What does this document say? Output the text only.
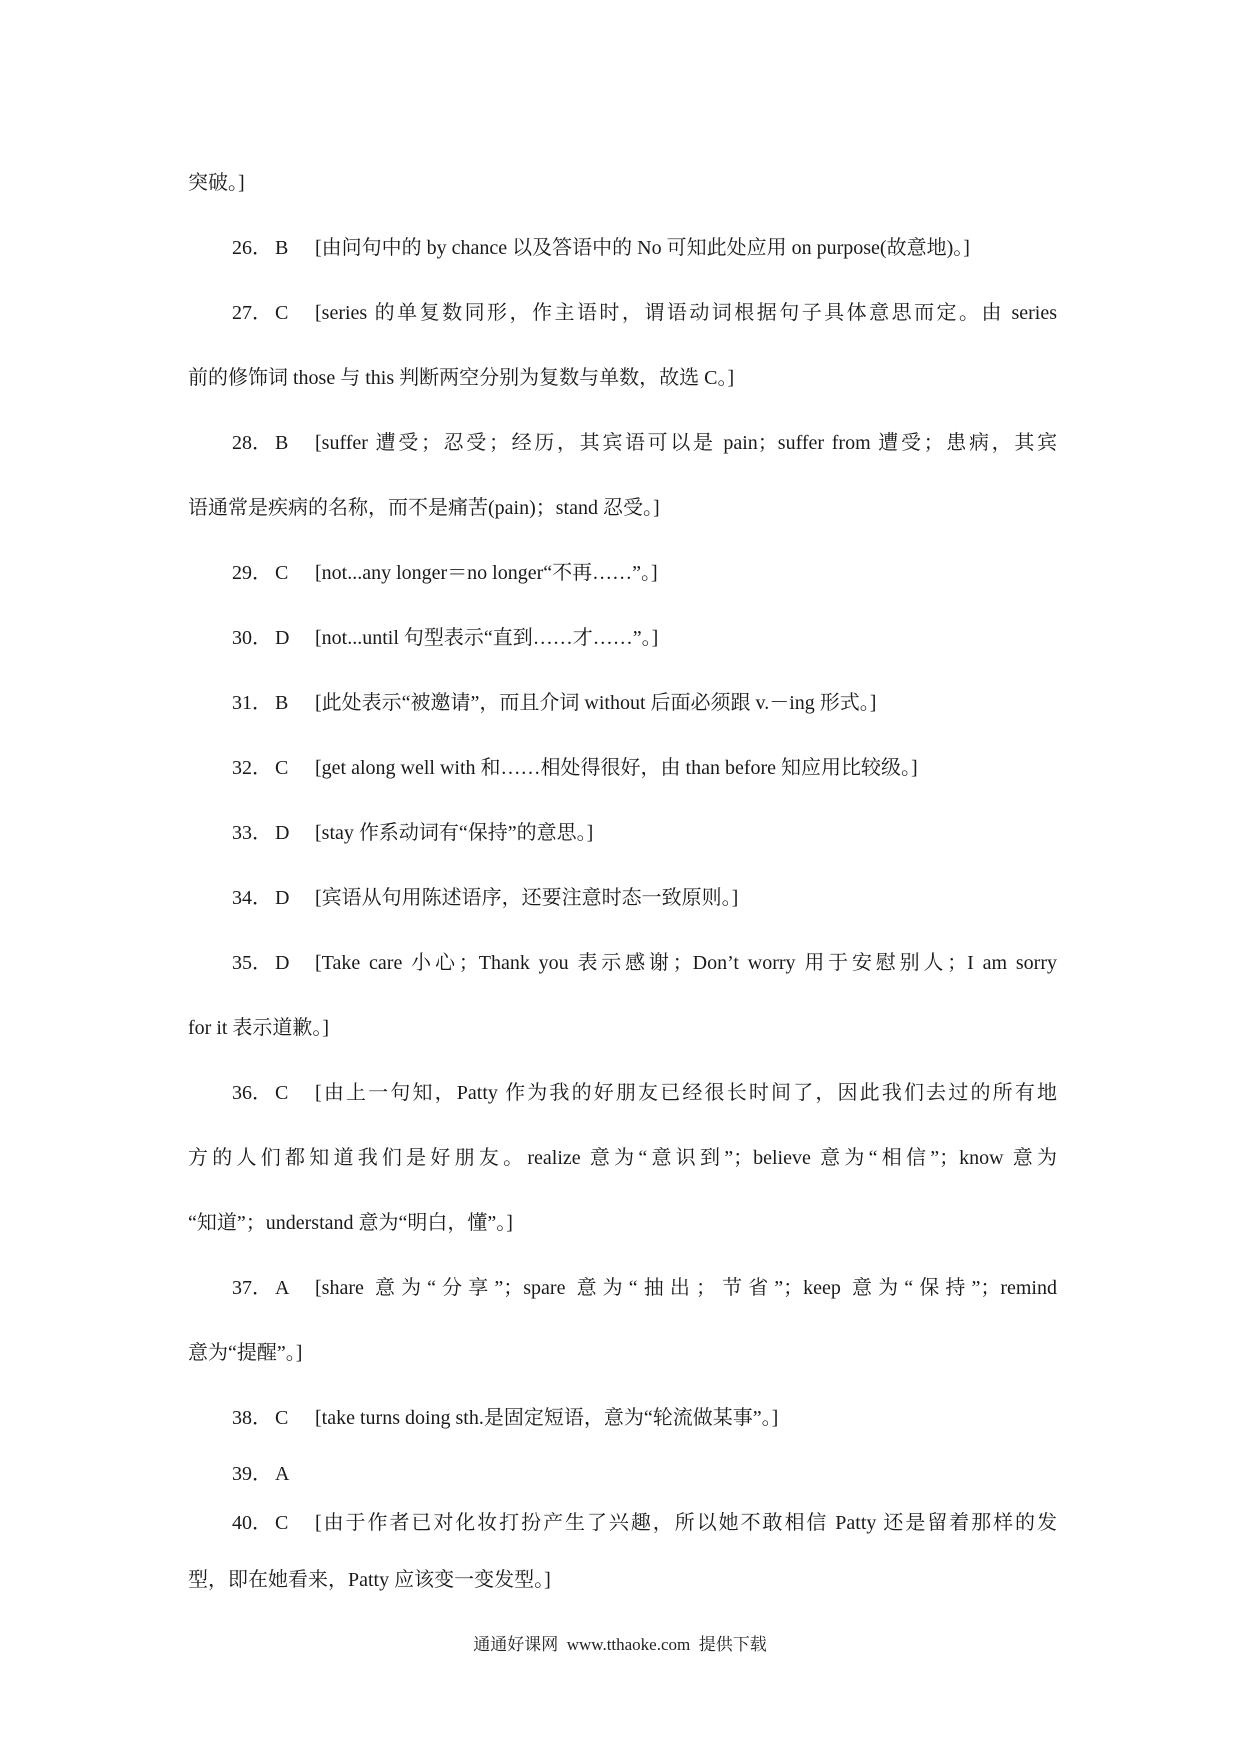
突破。]
26． B [由问句中的 by chance 以及答语中的 No 可知此处应用 on purpose(故意地)。]
27． C [series 的单复数同形，作主语时，谓语动词根据句子具体意思而定。由 series
前的修饰词 those 与 this 判断两空分别为复数与单数，故选 C。]
28． B [suffer 遭受；忍受；经历，其宾语可以是 pain；suffer from 遭受；患病，其宾
语通常是疾病的名称，而不是痛苦(pain)；stand 忍受。]
29． C [not...any longer＝no longer“不再……”。]
30． D [not...until 句型表示“直到……才……”。]
31． B [此处表示“被邀请”，而且介词 without 后面必须跟 v.－ing 形式。]
32． C [get along well with 和……相处得很好，由 than before 知应用比较级。]
33． D [stay 作系动词有“保持”的意思。]
34． D [宾语从句用陈述语序，还要注意时态一致原则。]
35． D [Take care 小心；Thank you 表示感谢；Don’t worry 用于安慰别人；I am sorry
for it 表示道歉。]
36． C [由上一句知，Patty 作为我的好朋友已经很长时间了，因此我们去过的所有地
方的人们都知道我们是好朋友。realize 意为“意识到”；believe 意为“相信”；know 意为
“知道”；understand 意为“明白，懂”。]
37． A [share 意为“分享”；spare 意为“抽出；节省”；keep 意为“保持”；remind
意为“提醒”。]
38． C [take turns doing sth.是固定短语，意为“轮流做某事”。]
39． A
40． C [由于作者已对化妆打扮产生了兴趣，所以她不敢相信 Patty 还是留着那样的发
型，即在她看来，Patty 应该变一变发型。]
通通好课网  www.tthaoke.com  提供下载
